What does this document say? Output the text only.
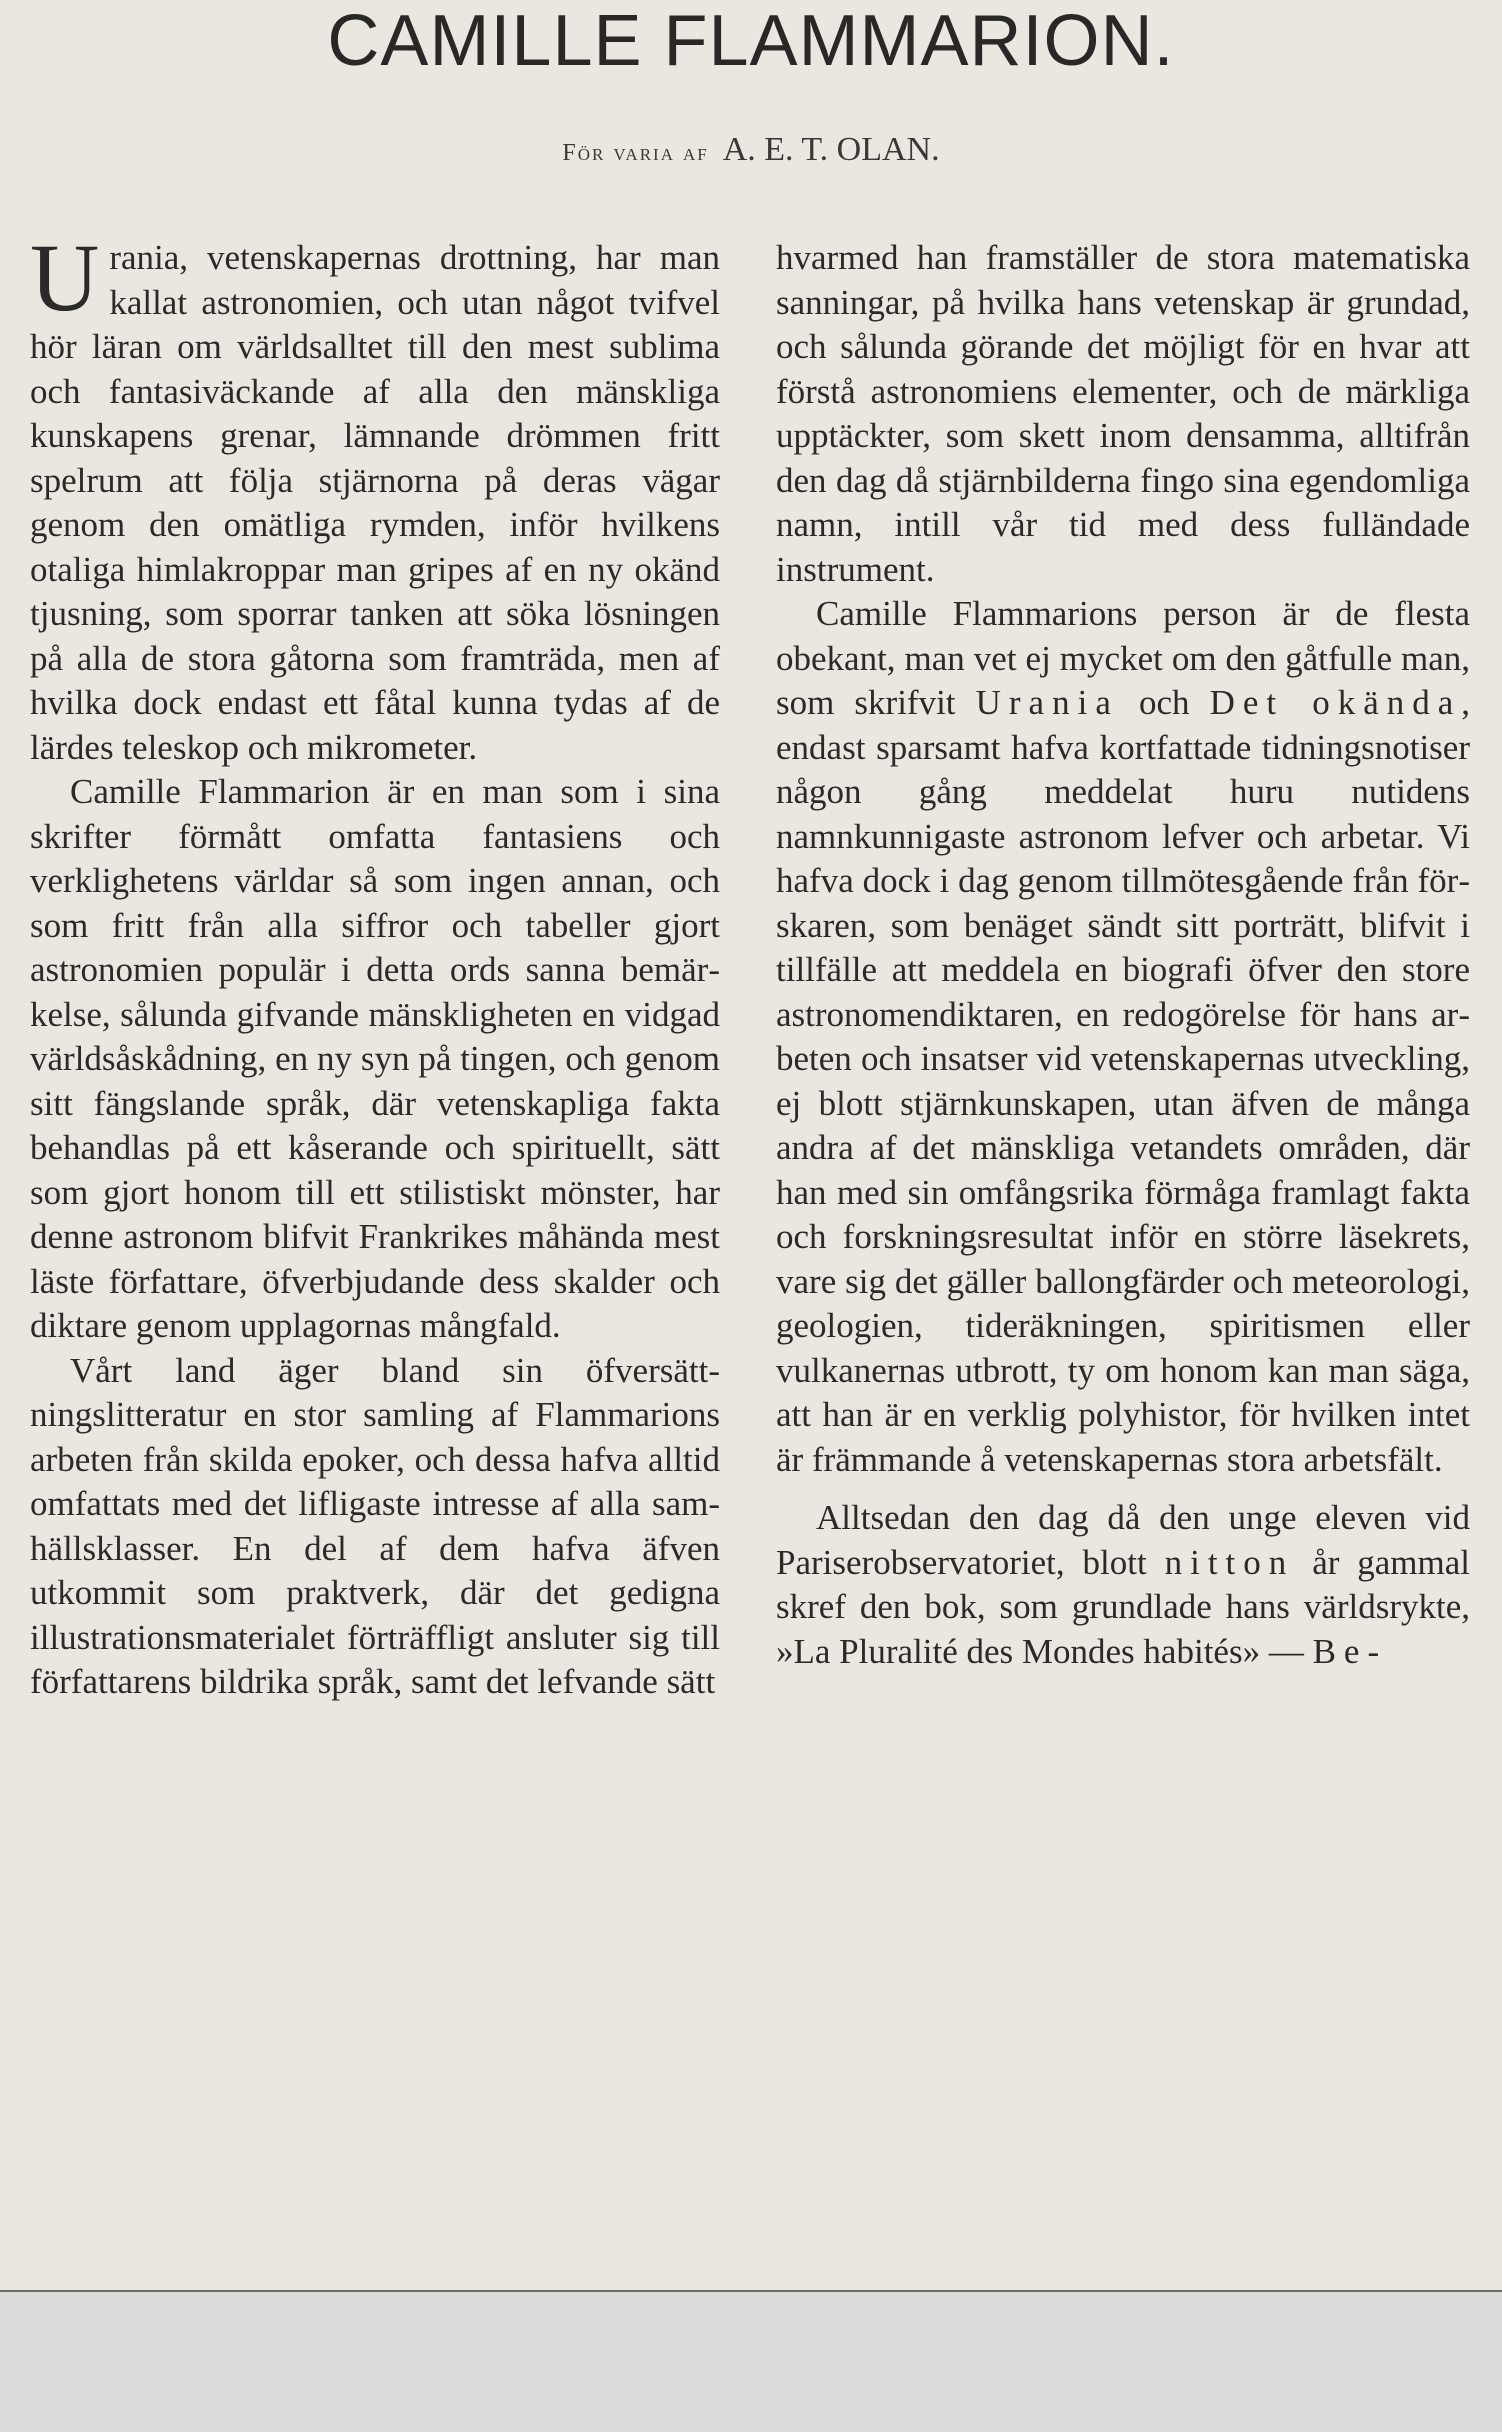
CAMILLE FLAMMARION.
För varia af A. E. T. OLAN.

Urania, vetenskapernas drottning, har man kallat astronomien, och utan något tvifvel hör läran om världsalltet till den mest sublima och fantasiväckande af alla den mänskliga kunskapens grenar, lämnande drömmen fritt spelrum att följa stjärnorna på deras vägar genom den omätliga rymden, inför hvilkens otaliga himlakroppar man gripes af en ny okänd tjusning, som sporrar tanken att söka lösningen på alla de stora gåtorna som framträda, men af hvilka dock endast ett fåtal kunna tydas af de lärdes teleskop och mikrometer.

Camille Flammarion är en man som i sina skrifter förmått omfatta fantasiens och verklighetens världar så som ingen annan, och som fritt från alla siffror och tabeller gjort astronomien populär i detta ords sanna bemärkelse, sålunda gifvande mänskligheten en vidgad världsåskådning, en ny syn på tingen, och genom sitt fängslande språk, där vetenskapliga fakta behandlas på ett kåserande och spirituellt, sätt som gjort honom till ett stilistiskt mönster, har denne astronom blifvit Frankrikes måhända mest läste författare, öfverbjudande dess skalder och diktare genom upplagornas mångfald.

Vårt land äger bland sin öfversättningslitteratur en stor samling af Flammarions arbeten från skilda epoker, och dessa hafva alltid omfattats med det lifligaste intresse af alla samhällsklasser. En del af dem hafva äfven utkommit som praktverk, där det gedigna illustrationsmaterialet förträffligt ansluter sig till författarens bildrika språk, samt det lefvande sätt

hvarmed han framställer de stora matematiska sanningar, på hvilka hans vetenskap är grundad, och sålunda görande det möjligt för en hvar att förstå astronomiens elementer, och de märkliga upptäckter, som skett inom densamma, alltifrån den dag då stjärnbilderna fingo sina egendomliga namn, intill vår tid med dess fulländade instrument.

Camille Flammarions person är de flesta obekant, man vet ej mycket om den gåtfulle man, som skrifvit Urania och Det okända, endast sparsamt hafva kortfattade tidningsnotiser någon gång meddelat huru nutidens namnkunnigaste astronom lefver och arbetar. Vi hafva dock i dag genom tillmötesgående från förskaren, som benäget sändt sitt porträtt, blifvit i tillfälle att meddela en biografi öfver den store astronomendiktaren, en redogörelse för hans arbeten och insatser vid vetenskapernas utveckling, ej blott stjärnkunskapen, utan äfven de många andra af det mänskliga vetandets områden, där han med sin omfångsrika förmåga framlagt fakta och forskningsresultat inför en större läsekrets, vare sig det gäller ballongfärder och meteorologi, geologien, tideräkningen, spiritismen eller vulkanernas utbrott, ty om honom kan man säga, att han är en verklig polyhistor, för hvilken intet är främmande å vetenskapernas stora arbetsfält.

Alltsedan den dag då den unge eleven vid Pariserobservatoriet, blott nitton år gammal skref den bok, som grundlade hans världsrykte, »La Pluralité des Mondes habités» — Be-
